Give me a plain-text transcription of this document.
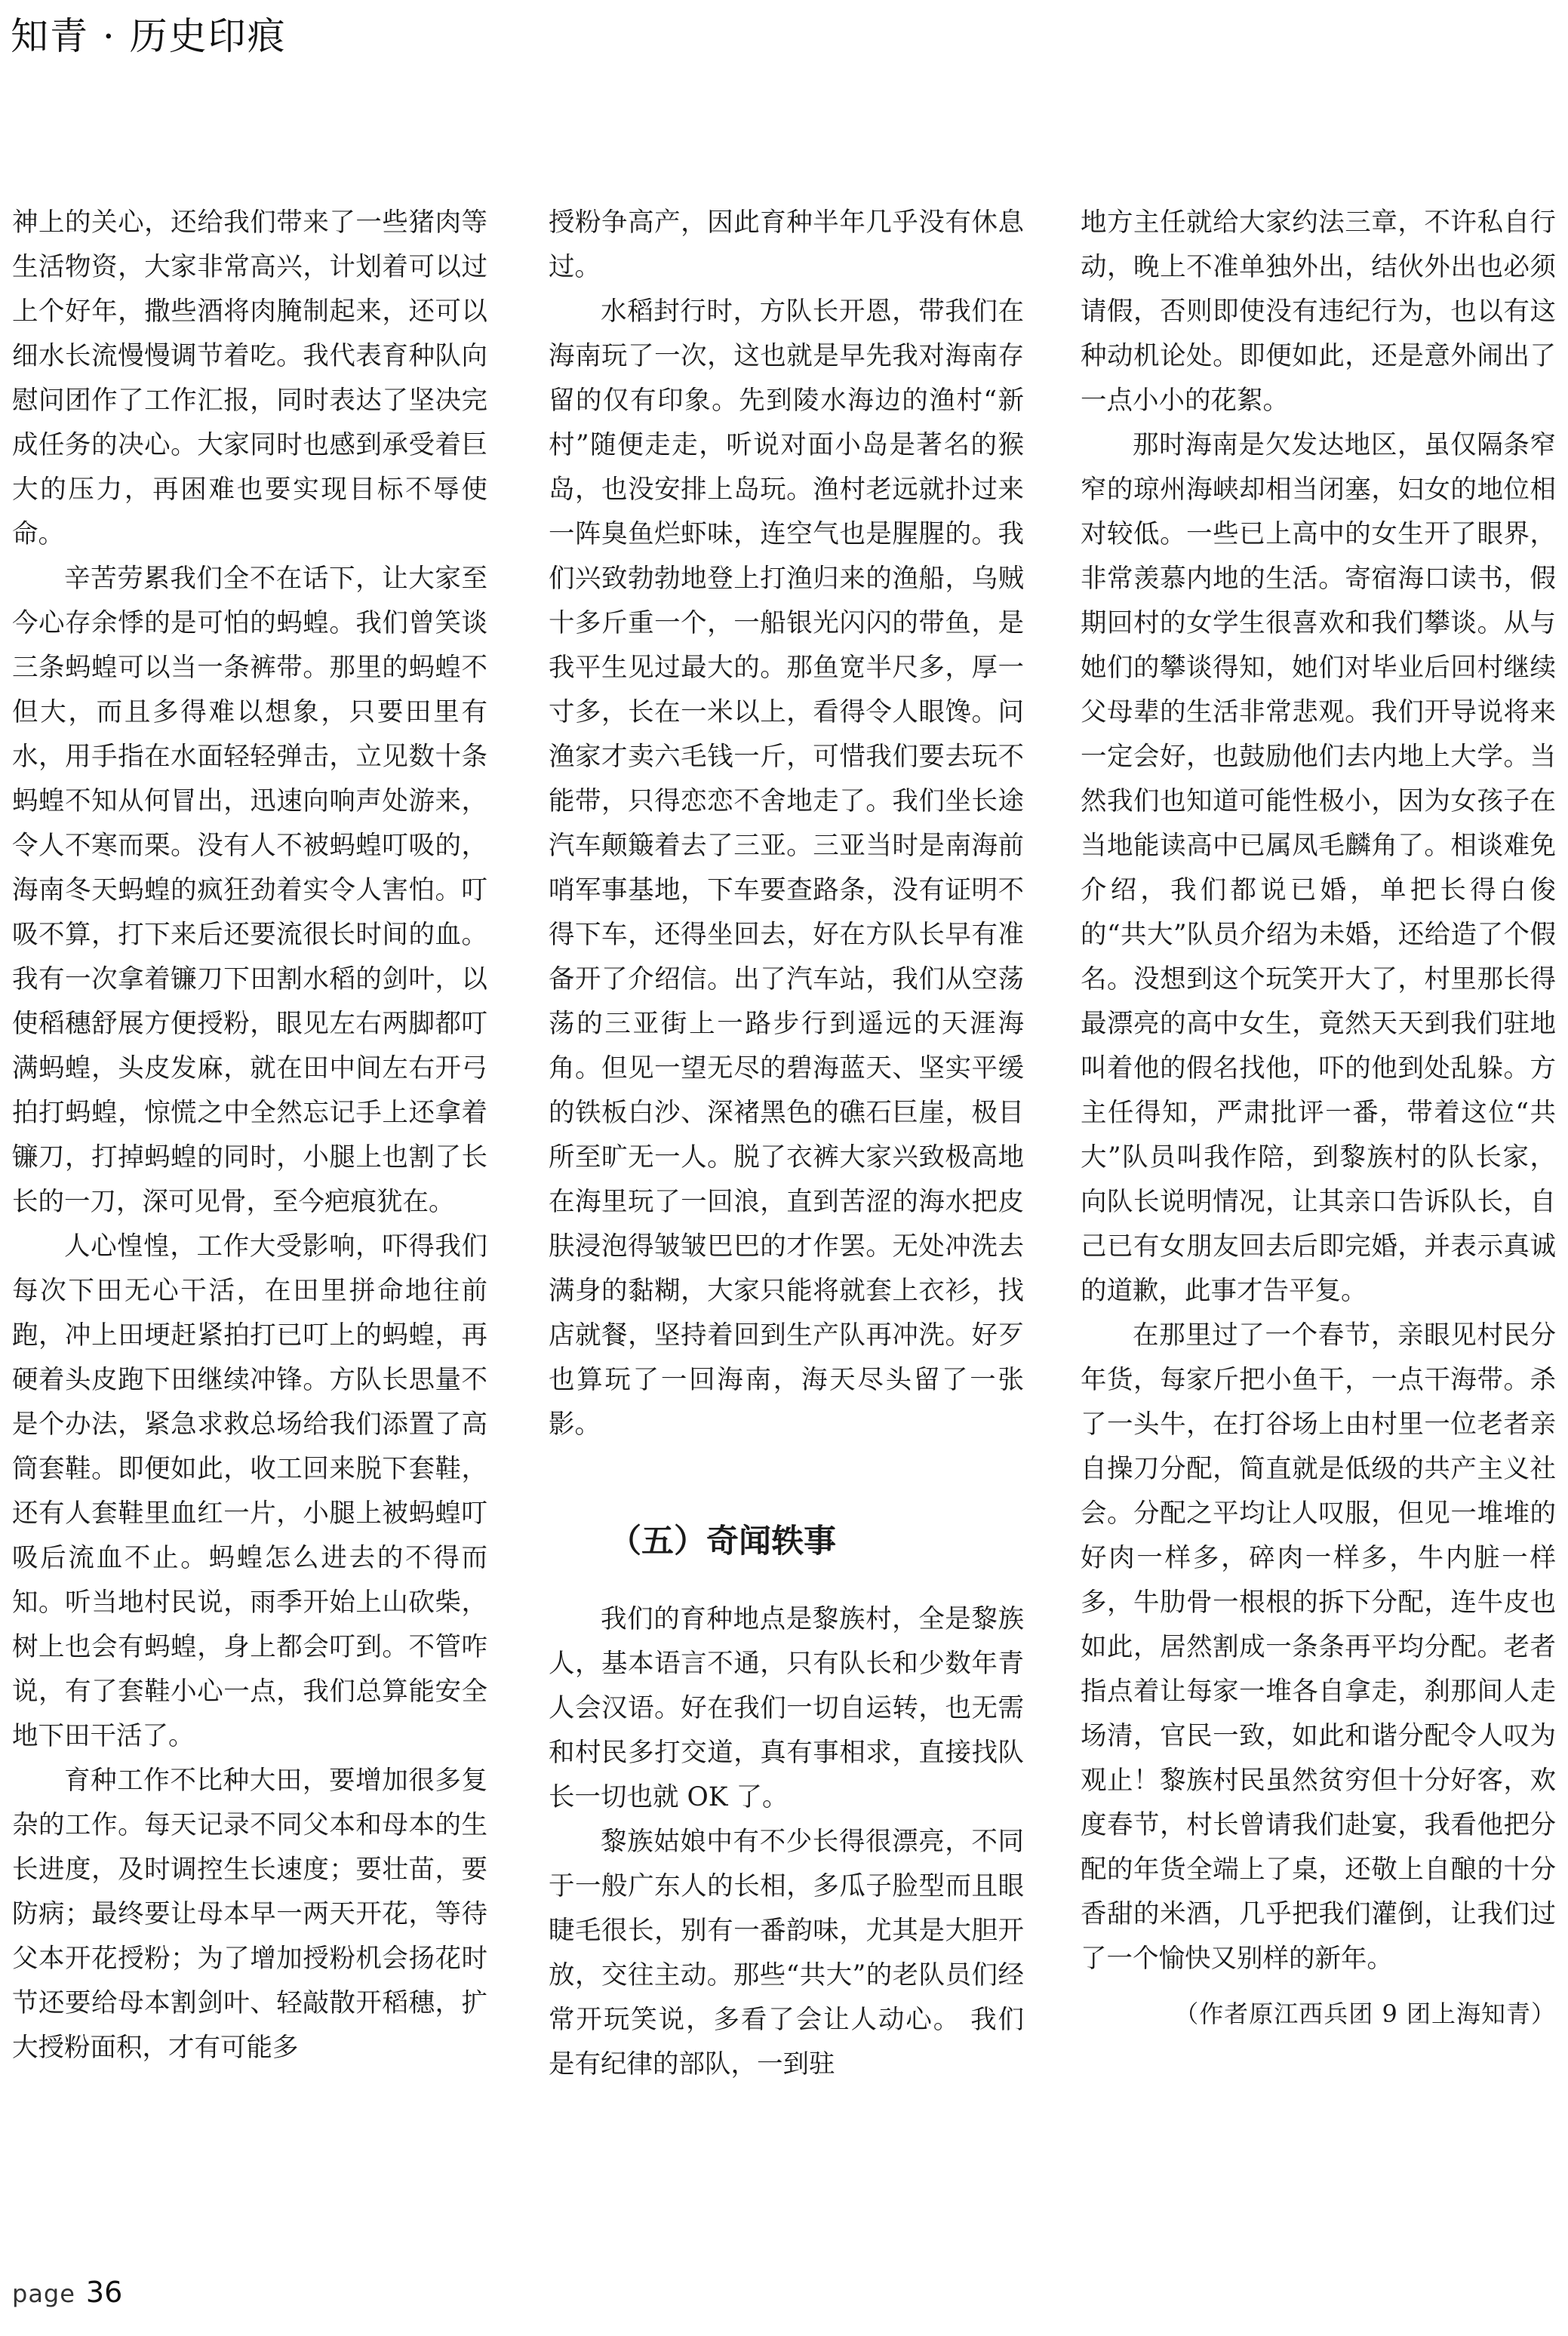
知青 · 历史印痕

神上的关心，还给我们带来了一些猪肉等生活物资，大家非常高兴，计划着可以过上个好年，撒些酒将肉腌制起来，还可以细水长流慢慢调节着吃。我代表育种队向慰问团作了工作汇报，同时表达了坚决完成任务的决心。大家同时也感到承受着巨大的压力，再困难也要实现目标不辱使命。

辛苦劳累我们全不在话下，让大家至今心存余悸的是可怕的蚂蝗。我们曾笑谈三条蚂蝗可以当一条裤带。那里的蚂蝗不但大，而且多得难以想象，只要田里有水，用手指在水面轻轻弹击，立见数十条蚂蝗不知从何冒出，迅速向响声处游来，令人不寒而栗。没有人不被蚂蝗叮吸的，海南冬天蚂蝗的疯狂劲着实令人害怕。叮吸不算，打下来后还要流很长时间的血。我有一次拿着镰刀下田割水稻的剑叶，以使稻穗舒展方便授粉，眼见左右两脚都叮满蚂蝗，头皮发麻，就在田中间左右开弓拍打蚂蝗，惊慌之中全然忘记手上还拿着镰刀，打掉蚂蝗的同时，小腿上也割了长长的一刀，深可见骨，至今疤痕犹在。

人心惶惶，工作大受影响，吓得我们每次下田无心干活，在田里拼命地往前跑，冲上田埂赶紧拍打已叮上的蚂蝗，再硬着头皮跑下田继续冲锋。方队长思量不是个办法，紧急求救总场给我们添置了高筒套鞋。即便如此，收工回来脱下套鞋，还有人套鞋里血红一片，小腿上被蚂蝗叮吸后流血不止。蚂蝗怎么进去的不得而知。听当地村民说，雨季开始上山砍柴，树上也会有蚂蝗，身上都会叮到。不管咋说，有了套鞋小心一点，我们总算能安全地下田干活了。

育种工作不比种大田，要增加很多复杂的工作。每天记录不同父本和母本的生长进度，及时调控生长速度；要壮苗，要防病；最终要让母本早一两天开花，等待父本开花授粉；为了增加授粉机会扬花时节还要给母本割剑叶、轻敲散开稻穗，扩大授粉面积，才有可能多

授粉争高产，因此育种半年几乎没有休息过。

水稻封行时，方队长开恩，带我们在海南玩了一次，这也就是早先我对海南存留的仅有印象。先到陵水海边的渔村“新村”随便走走，听说对面小岛是著名的猴岛，也没安排上岛玩。渔村老远就扑过来一阵臭鱼烂虾味，连空气也是腥腥的。我们兴致勃勃地登上打渔归来的渔船，乌贼十多斤重一个，一船银光闪闪的带鱼，是我平生见过最大的。那鱼宽半尺多，厚一寸多，长在一米以上，看得令人眼馋。问渔家才卖六毛钱一斤，可惜我们要去玩不能带，只得恋恋不舍地走了。我们坐长途汽车颠簸着去了三亚。三亚当时是南海前哨军事基地，下车要查路条，没有证明不得下车，还得坐回去，好在方队长早有准备开了介绍信。出了汽车站，我们从空荡荡的三亚街上一路步行到遥远的天涯海角。但见一望无尽的碧海蓝天、坚实平缓的铁板白沙、深褚黑色的礁石巨崖，极目所至旷无一人。脱了衣裤大家兴致极高地在海里玩了一回浪，直到苦涩的海水把皮肤浸泡得皱皱巴巴的才作罢。无处冲洗去满身的黏糊，大家只能将就套上衣衫，找店就餐，坚持着回到生产队再冲洗。好歹也算玩了一回海南，海天尽头留了一张影。

（五）奇闻轶事

我们的育种地点是黎族村，全是黎族人，基本语言不通，只有队长和少数年青人会汉语。好在我们一切自运转，也无需和村民多打交道，真有事相求，直接找队长一切也就 OK 了。

黎族姑娘中有不少长得很漂亮，不同于一般广东人的长相，多瓜子脸型而且眼睫毛很长，别有一番韵味，尤其是大胆开放，交往主动。那些“共大”的老队员们经常开玩笑说，多看了会让人动心。 我们是有纪律的部队，一到驻

地方主任就给大家约法三章，不许私自行动，晚上不准单独外出，结伙外出也必须请假，否则即使没有违纪行为，也以有这种动机论处。即便如此，还是意外闹出了一点小小的花絮。

那时海南是欠发达地区，虽仅隔条窄窄的琼州海峡却相当闭塞，妇女的地位相对较低。一些已上高中的女生开了眼界，非常羡慕内地的生活。寄宿海口读书，假期回村的女学生很喜欢和我们攀谈。从与她们的攀谈得知，她们对毕业后回村继续父母辈的生活非常悲观。我们开导说将来一定会好，也鼓励他们去内地上大学。当然我们也知道可能性极小，因为女孩子在当地能读高中已属凤毛麟角了。相谈难免介绍，我们都说已婚，单把长得白俊的“共大”队员介绍为未婚，还给造了个假名。没想到这个玩笑开大了，村里那长得最漂亮的高中女生，竟然天天到我们驻地叫着他的假名找他，吓的他到处乱躲。方主任得知，严肃批评一番，带着这位“共大”队员叫我作陪，到黎族村的队长家，向队长说明情况，让其亲口告诉队长，自己已有女朋友回去后即完婚，并表示真诚的道歉，此事才告平复。

在那里过了一个春节，亲眼见村民分年货，每家斤把小鱼干，一点干海带。杀了一头牛，在打谷场上由村里一位老者亲自操刀分配，简直就是低级的共产主义社会。分配之平均让人叹服，但见一堆堆的好肉一样多，碎肉一样多，牛内脏一样多，牛肋骨一根根的拆下分配，连牛皮也如此，居然割成一条条再平均分配。老者指点着让每家一堆各自拿走，刹那间人走场清，官民一致，如此和谐分配令人叹为观止！黎族村民虽然贫穷但十分好客，欢度春节，村长曾请我们赴宴，我看他把分配的年货全端上了桌，还敬上自酿的十分香甜的米酒，几乎把我们灌倒，让我们过了一个愉快又别样的新年。

（作者原江西兵团 9 团上海知青）

page 36
